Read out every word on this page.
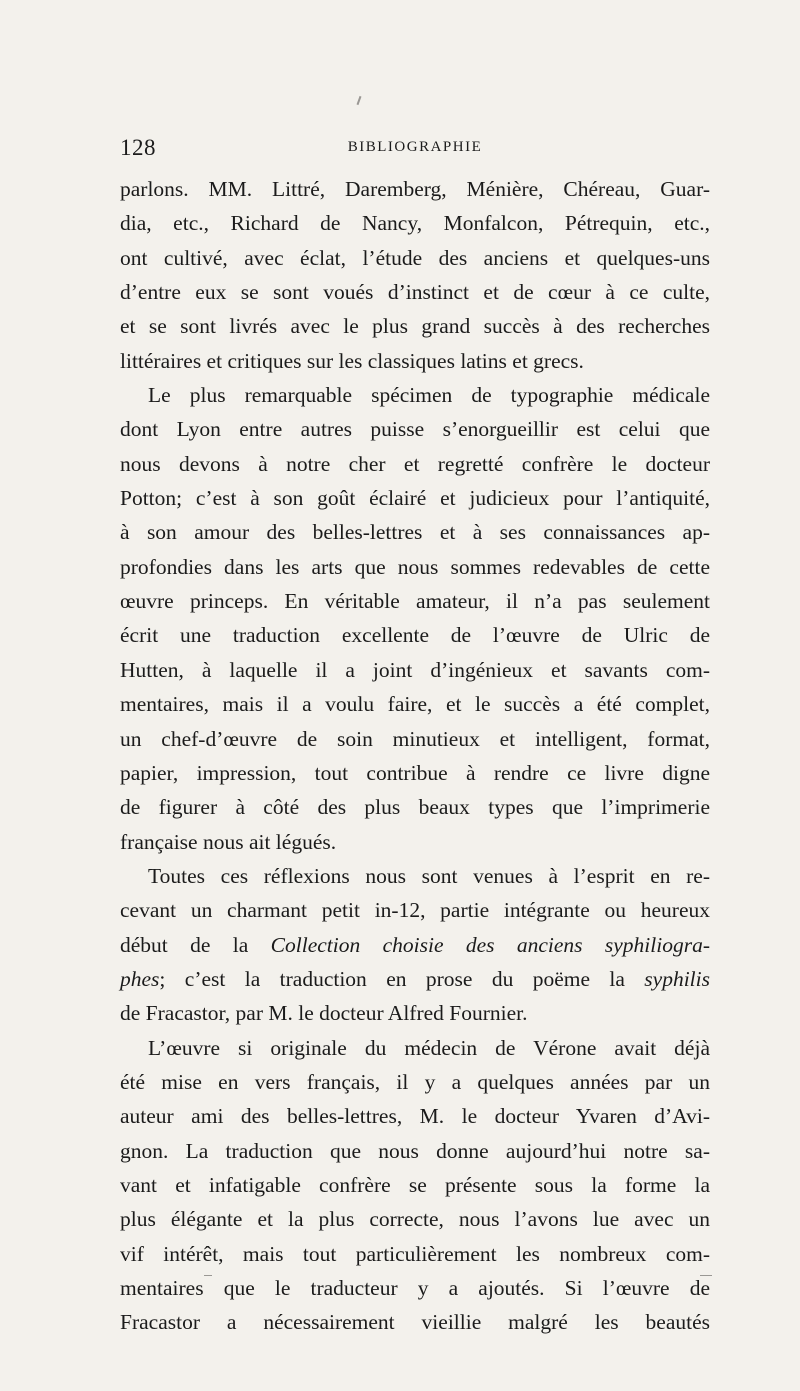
128	BIBLIOGRAPHIE
parlons. MM. Littré, Daremberg, Ménière, Chéreau, Guar-
dia, etc., Richard de Nancy, Monfalcon, Pétrequin, etc.,
ont cultivé, avec éclat, l’étude des anciens et quelques-uns
d’entre eux se sont voués d’instinct et de cœur à ce culte,
et se sont livrés avec le plus grand succès à des recherches
littéraires et critiques sur les classiques latins et grecs.
Le plus remarquable spécimen de typographie médicale
dont Lyon entre autres puisse s’enorgueillir est celui que
nous devons à notre cher et regretté confrère le docteur
Potton; c’est à son goût éclairé et judicieux pour l’antiquité,
à son amour des belles-lettres et à ses connaissances ap-
profondies dans les arts que nous sommes redevables de cette
œuvre princeps. En véritable amateur, il n’a pas seulement
écrit une traduction excellente de l’œuvre de Ulric de
Hutten, à laquelle il a joint d’ingénieux et savants com-
mentaires, mais il a voulu faire, et le succès a été complet,
un chef-d’œuvre de soin minutieux et intelligent, format,
papier, impression, tout contribue à rendre ce livre digne
de figurer à côté des plus beaux types que l’imprimerie
française nous ait légués.
Toutes ces réflexions nous sont venues à l’esprit en re-
cevant un charmant petit in-12, partie intégrante ou heureux
début de la Collection choisie des anciens syphiliogra-
phes; c’est la traduction en prose du poëme la syphilis
de Fracastor, par M. le docteur Alfred Fournier.
L’œuvre si originale du médecin de Vérone avait déjà
été mise en vers français, il y a quelques années par un
auteur ami des belles-lettres, M. le docteur Yvaren d’Avi-
gnon. La traduction que nous donne aujourd’hui notre sa-
vant et infatigable confrère se présente sous la forme la
plus élégante et la plus correcte, nous l’avons lue avec un
vif intérêt, mais tout particulièrement les nombreux com-
mentaires que le traducteur y a ajoutés. Si l’œuvre de
Fracastor a nécessairement vieillie malgré les beautés
